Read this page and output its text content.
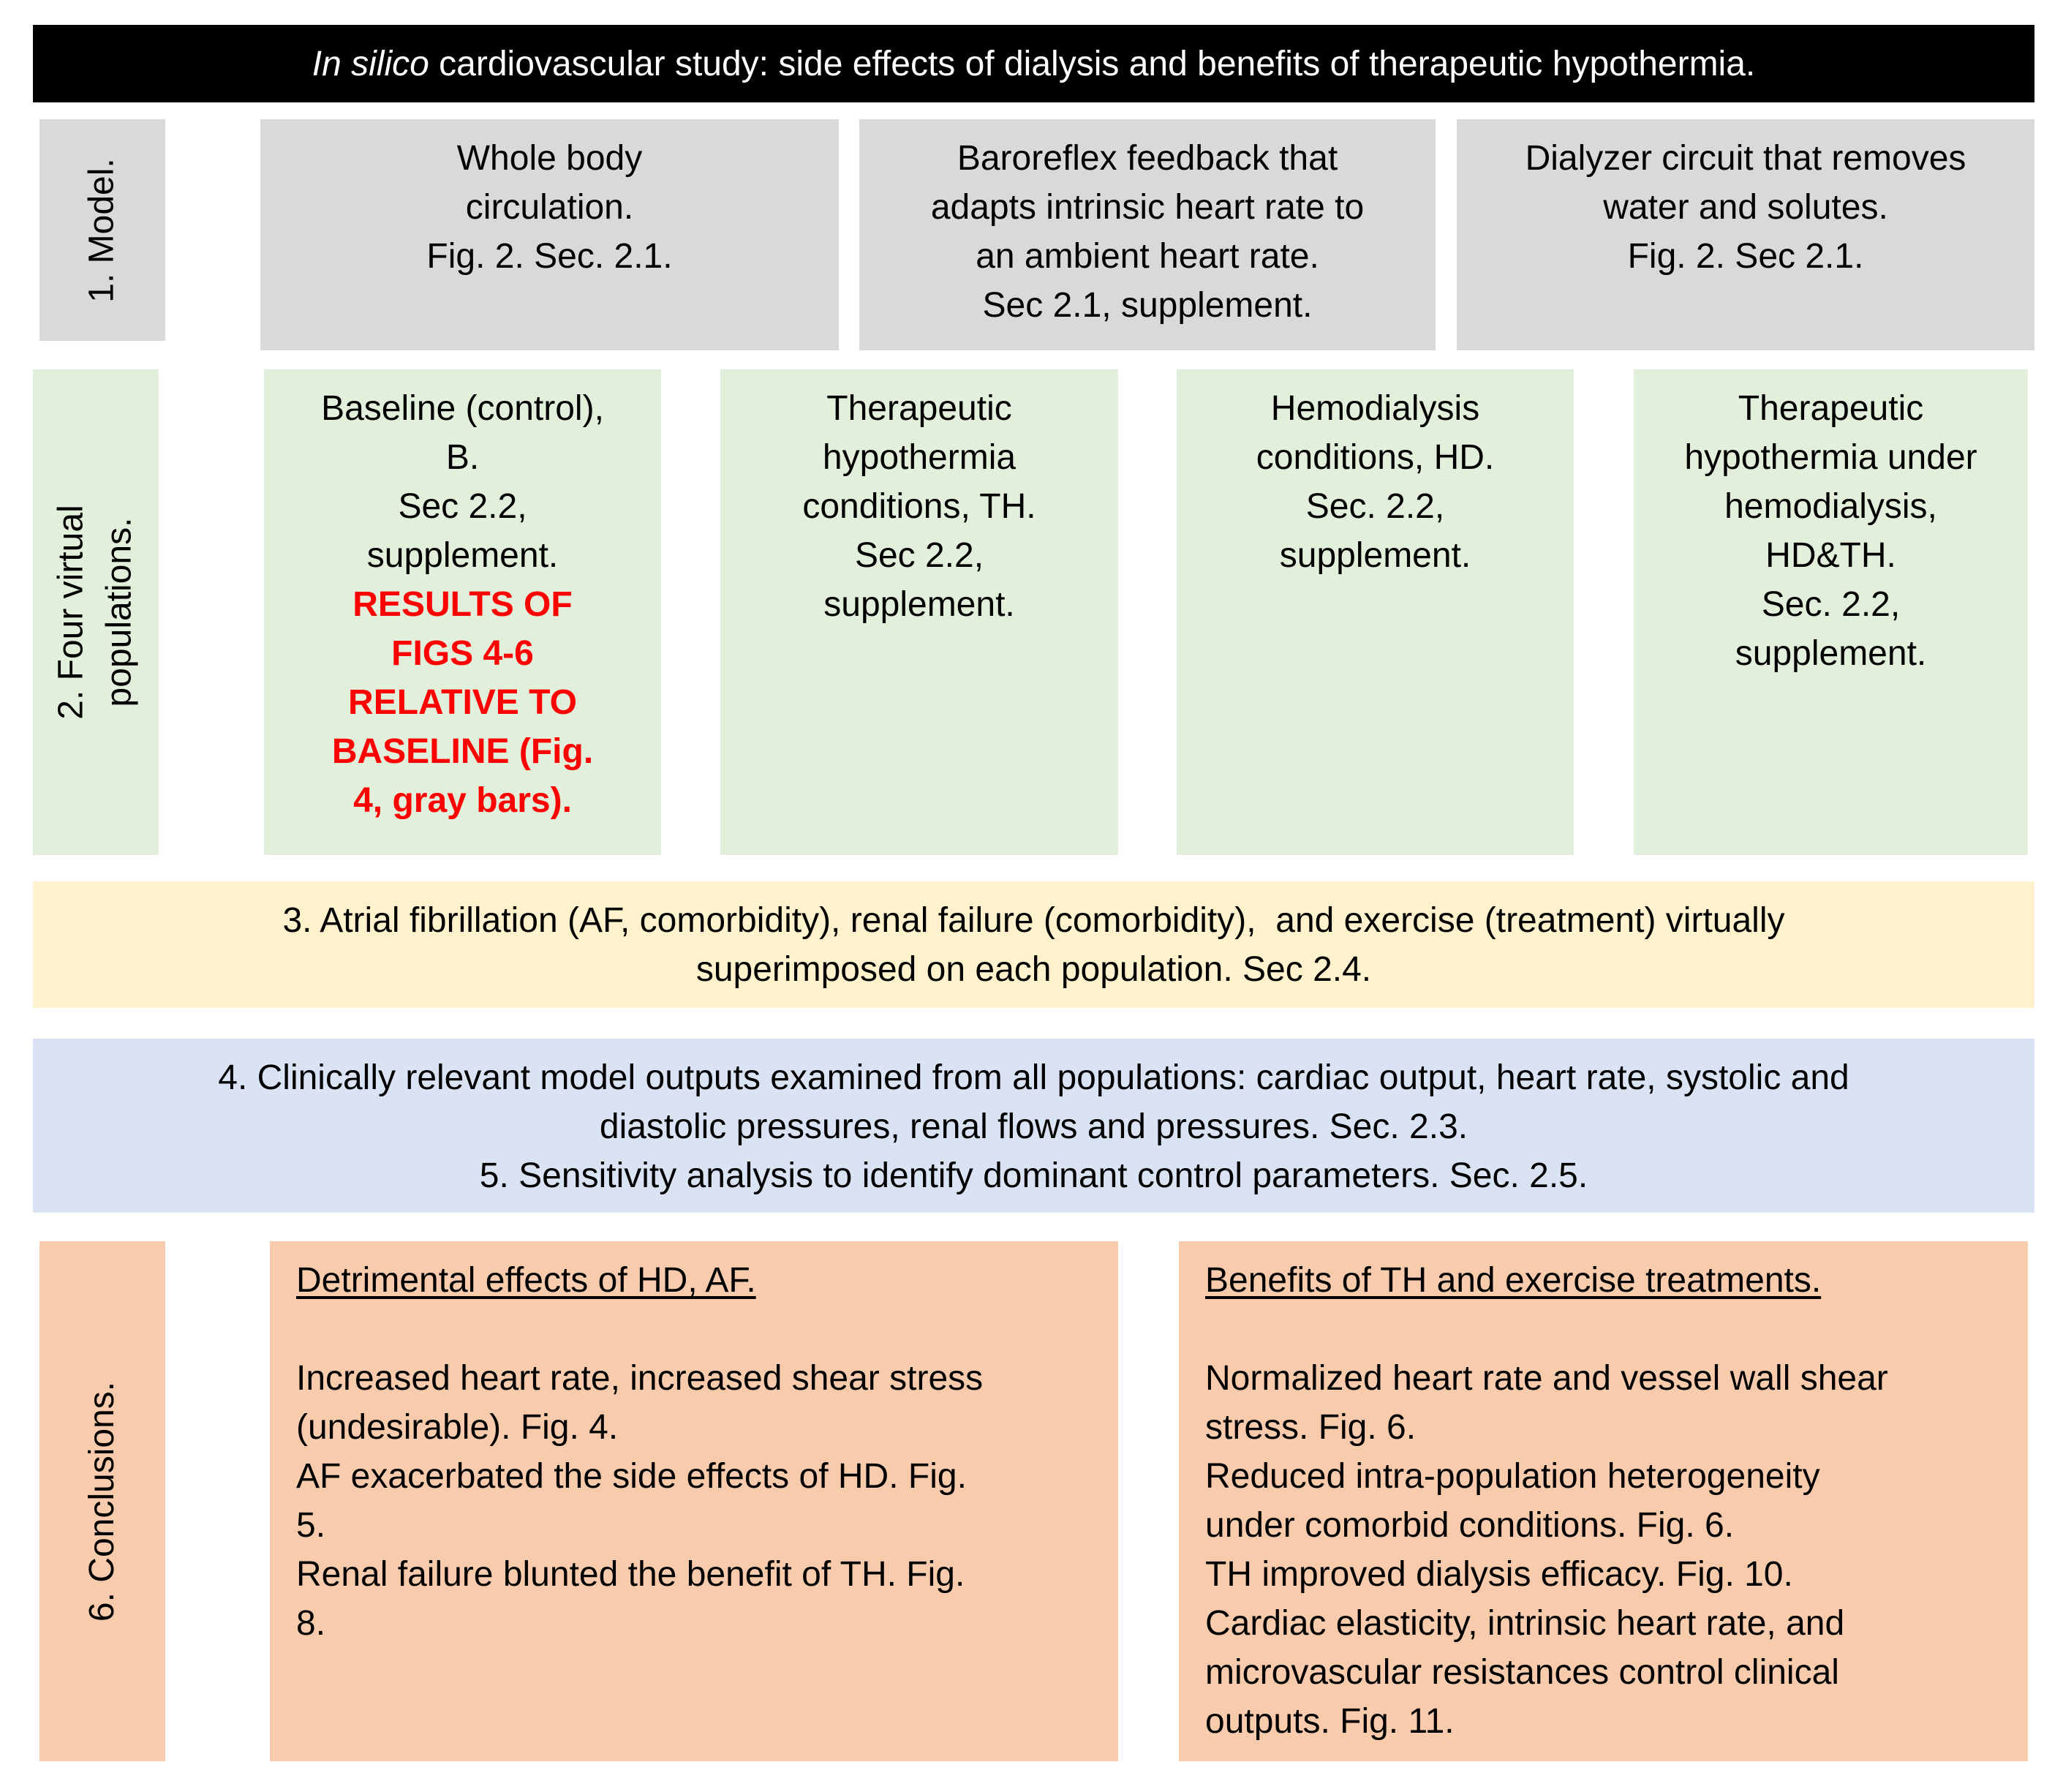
In silico cardiovascular study: side effects of dialysis and benefits of therapeutic hypothermia.
1. Model.	Whole body
circulation.
Fig. 2. Sec. 2.1.
Baroreflex feedback that
adapts intrinsic heart rate to
an ambient heart rate.
Sec 2.1, supplement.
Dialyzer circuit that removes
water and solutes.
Fig. 2. Sec 2.1.
2. Four virtual populations.
Baseline (control),
B.
Sec 2.2,
supplement.
RESULTS OF
FIGS 4-6
RELATIVE TO
BASELINE (Fig.
4, gray bars).
Therapeutic
hypothermia
conditions, TH.
Sec 2.2,
supplement.
Hemodialysis
conditions, HD.
Sec. 2.2,
supplement.
Therapeutic
hypothermia under
hemodialysis,
HD&TH.
Sec. 2.2,
supplement.
3. Atrial fibrillation (AF, comorbidity), renal failure (comorbidity),  and exercise (treatment) virtually
superimposed on each population. Sec 2.4.
4. Clinically relevant model outputs examined from all populations: cardiac output, heart rate, systolic and
diastolic pressures, renal flows and pressures. Sec. 2.3.
5. Sensitivity analysis to identify dominant control parameters. Sec. 2.5.
6. Conclusions.
Detrimental effects of HD, AF.
Increased heart rate, increased shear stress
(undesirable). Fig. 4.
AF exacerbated the side effects of HD. Fig.
5.
Renal failure blunted the benefit of TH. Fig.
8.
Benefits of TH and exercise treatments.
Normalized heart rate and vessel wall shear
stress. Fig. 6.
Reduced intra-population heterogeneity
under comorbid conditions. Fig. 6.
TH improved dialysis efficacy. Fig. 10.
Cardiac elasticity, intrinsic heart rate, and
microvascular resistances control clinical
outputs. Fig. 11.
